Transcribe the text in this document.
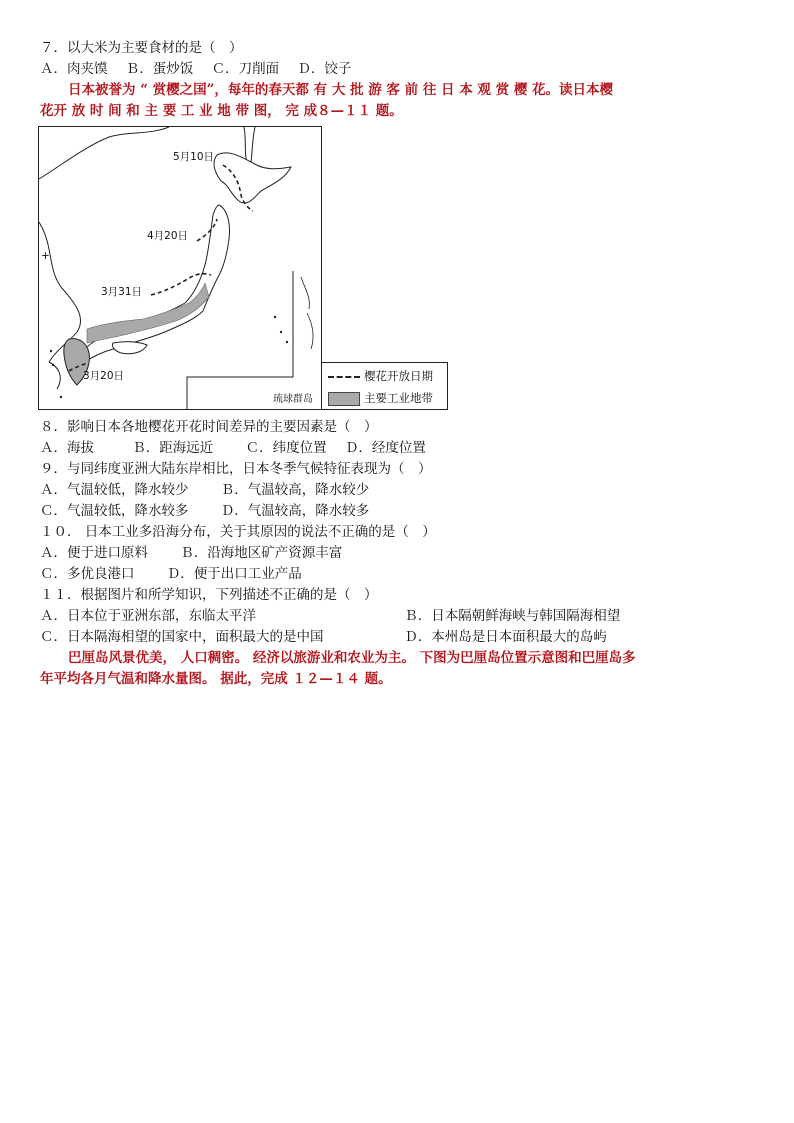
７．以大米为主要食材的是（　）
Ａ．肉夹馍 Ｂ．蛋炒饭 Ｃ．刀削面 Ｄ．饺子
日本被誉为 “ 赏樱之国”，每年的春天都 有 大 批 游 客 前 往 日 本 观 赏 樱 花。读日本樱
花开 放 时 间 和 主 要 工 业 地 带 图， 完 成８—１１ 题。
5月10日
4月20日
3月31日
3月20日
+
琉球群岛
樱花开放日期
主要工业地带
８．影响日本各地樱花开花时间差异的主要因素是（　）
Ａ．海拔	Ｂ．距海远近 Ｃ．纬度位置 Ｄ．经度位置
９．与同纬度亚洲大陆东岸相比，日本冬季气候特征表现为（　）
Ａ．气温较低，降水较少 Ｂ．气温较高，降水较少
Ｃ．气温较低，降水较多 Ｄ．气温较高，降水较多
１０． 日本工业多沿海分布，关于其原因的说法不正确的是（　）
Ａ．便于进口原料 Ｂ．沿海地区矿产资源丰富
Ｃ．多优良港口 Ｄ．便于出口工业产品
１１．根据图片和所学知识，下列描述不正确的是（　）
Ａ．日本位于亚洲东部，东临太平洋	Ｂ．日本隔朝鲜海峡与韩国隔海相望
Ｃ．日本隔海相望的国家中，面积最大的是中国	Ｄ．本州岛是日本面积最大的岛屿
巴厘岛风景优美， 人口稠密。 经济以旅游业和农业为主。 下图为巴厘岛位置示意图和巴厘岛多
年平均各月气温和降水量图。 据此，完成 １２—１４ 题。
